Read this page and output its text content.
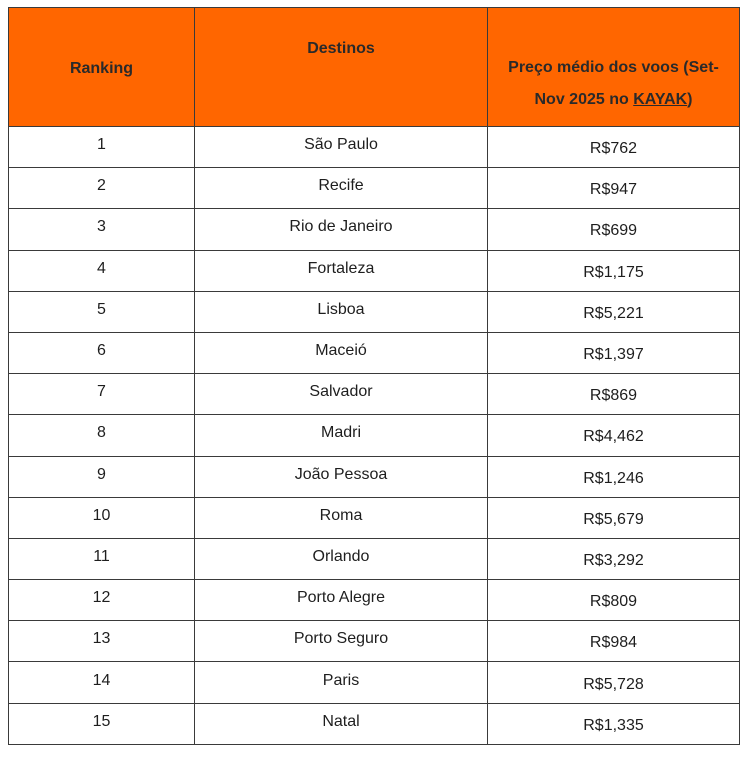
Ranking	Destinos	Preço médio dos voos (Set-
Nov 2025 no KAYAK)

1	São Paulo	R$762
2	Recife	R$947
3	Rio de Janeiro	R$699
4	Fortaleza	R$1,175
5	Lisboa	R$5,221
6	Maceió	R$1,397
7	Salvador	R$869
8	Madri	R$4,462
9	João Pessoa	R$1,246
10	Roma	R$5,679
11	Orlando	R$3,292
12	Porto Alegre	R$809
13	Porto Seguro	R$984
14	Paris	R$5,728
15	Natal	R$1,335
